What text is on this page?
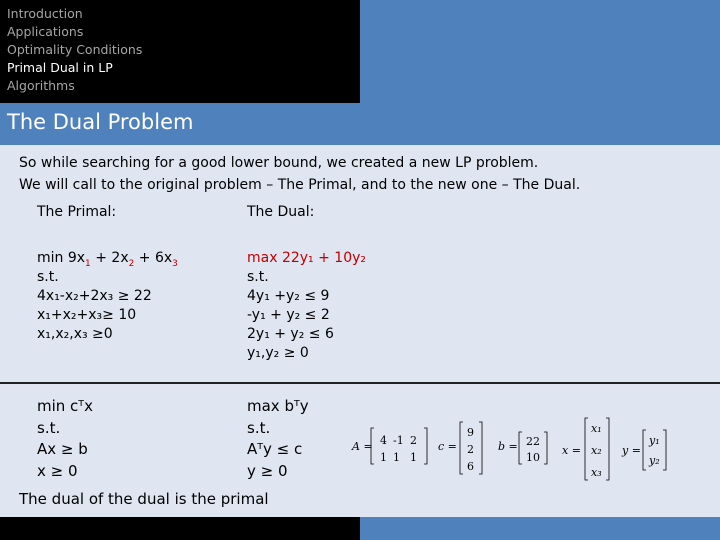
Introduction
Applications
Optimality Conditions
Primal Dual in LP
Algorithms
The Dual Problem
So while searching for a good lower bound, we created a new LP problem.
We will call to the original problem – The Primal, and to the new one – The Dual.
The Primal:	The Dual:
$\min 9x_1 + 2x_2 + 6x_3$
s.t.
4x₁-x₂+2x₃ ≥ 22
x₁+x₂+x₃≥ 10
x₁,x₂,x₃ ≥0
max 22y₁ + 10y₂
s.t.
4y₁ +y₂ ≤ 9
-y₁ + y₂ ≤ 2
2y₁ + y₂ ≤ 6
y₁,y₂ ≥ 0
min cᵀx
s.t.
Ax ≥ b
x ≥ 0
max bᵀy
s.t.
Aᵀy ≤ c
y ≥ 0
The dual of the dual is the primal
A = 4 -1 2
1 1 1
c =
9
2
6
b = 22
10
x =
x₁
x₂
x₃
y =
y₁
y₂
